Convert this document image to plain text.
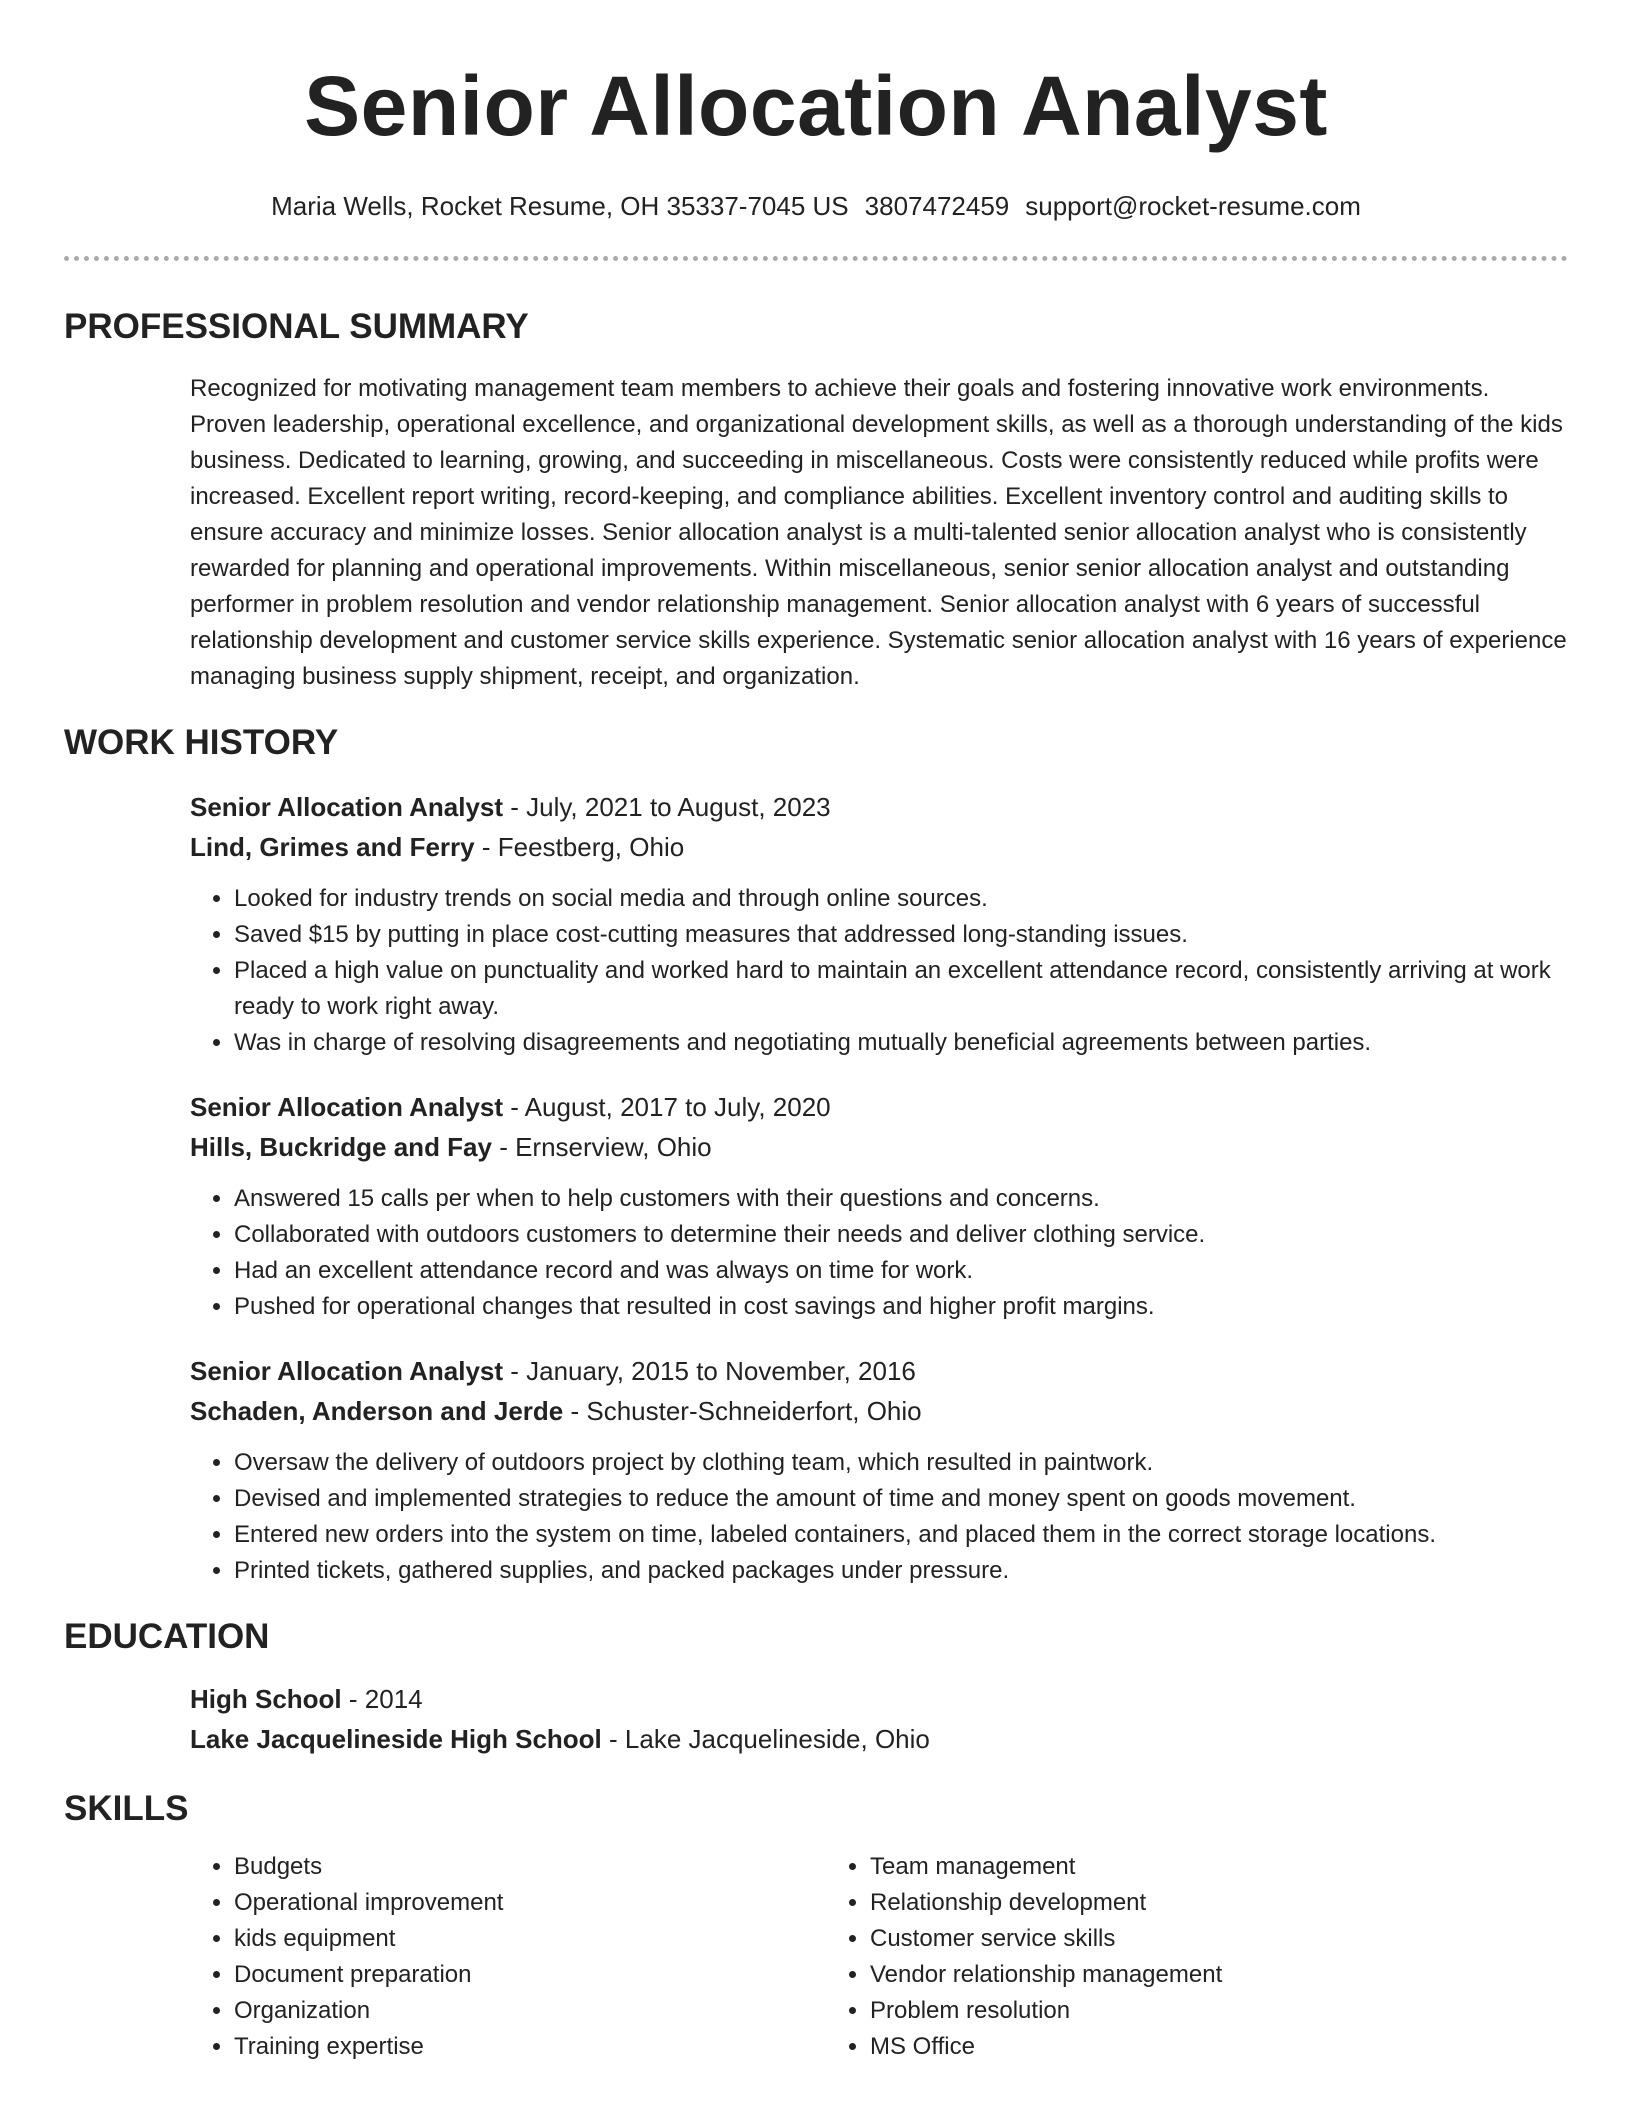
Senior Allocation Analyst
Maria Wells, Rocket Resume, OH 35337-7045 US 3807472459 support@rocket-resume.com
PROFESSIONAL SUMMARY

Recognized for motivating management team members to achieve their goals and fostering innovative work environments. Proven leadership, operational excellence, and organizational development skills, as well as a thorough understanding of the kids business. Dedicated to learning, growing, and succeeding in miscellaneous. Costs were consistently reduced while profits were increased. Excellent report writing, record-keeping, and compliance abilities. Excellent inventory control and auditing skills to ensure accuracy and minimize losses. Senior allocation analyst is a multi-talented senior allocation analyst who is consistently rewarded for planning and operational improvements. Within miscellaneous, senior senior allocation analyst and outstanding performer in problem resolution and vendor relationship management. Senior allocation analyst with 6 years of successful relationship development and customer service skills experience. Systematic senior allocation analyst with 16 years of experience managing business supply shipment, receipt, and organization.

WORK HISTORY
Senior Allocation Analyst - July, 2021 to August, 2023
Lind, Grimes and Ferry - Feestberg, Ohio
• Looked for industry trends on social media and through online sources.
• Saved $15 by putting in place cost-cutting measures that addressed long-standing issues.
• Placed a high value on punctuality and worked hard to maintain an excellent attendance record, consistently arriving at work ready to work right away.
• Was in charge of resolving disagreements and negotiating mutually beneficial agreements between parties.
Senior Allocation Analyst - August, 2017 to July, 2020
Hills, Buckridge and Fay - Ernserview, Ohio
• Answered 15 calls per when to help customers with their questions and concerns.
• Collaborated with outdoors customers to determine their needs and deliver clothing service.
• Had an excellent attendance record and was always on time for work.
• Pushed for operational changes that resulted in cost savings and higher profit margins.
Senior Allocation Analyst - January, 2015 to November, 2016
Schaden, Anderson and Jerde - Schuster-Schneiderfort, Ohio
• Oversaw the delivery of outdoors project by clothing team, which resulted in paintwork.
• Devised and implemented strategies to reduce the amount of time and money spent on goods movement.
• Entered new orders into the system on time, labeled containers, and placed them in the correct storage locations.
• Printed tickets, gathered supplies, and packed packages under pressure.
EDUCATION
High School - 2014
Lake Jacquelineside High School - Lake Jacquelineside, Ohio
SKILLS
• Budgets
• Operational improvement
• kids equipment
• Document preparation
• Organization
• Training expertise
• Team management
• Relationship development
• Customer service skills
• Vendor relationship management
• Problem resolution
• MS Office
